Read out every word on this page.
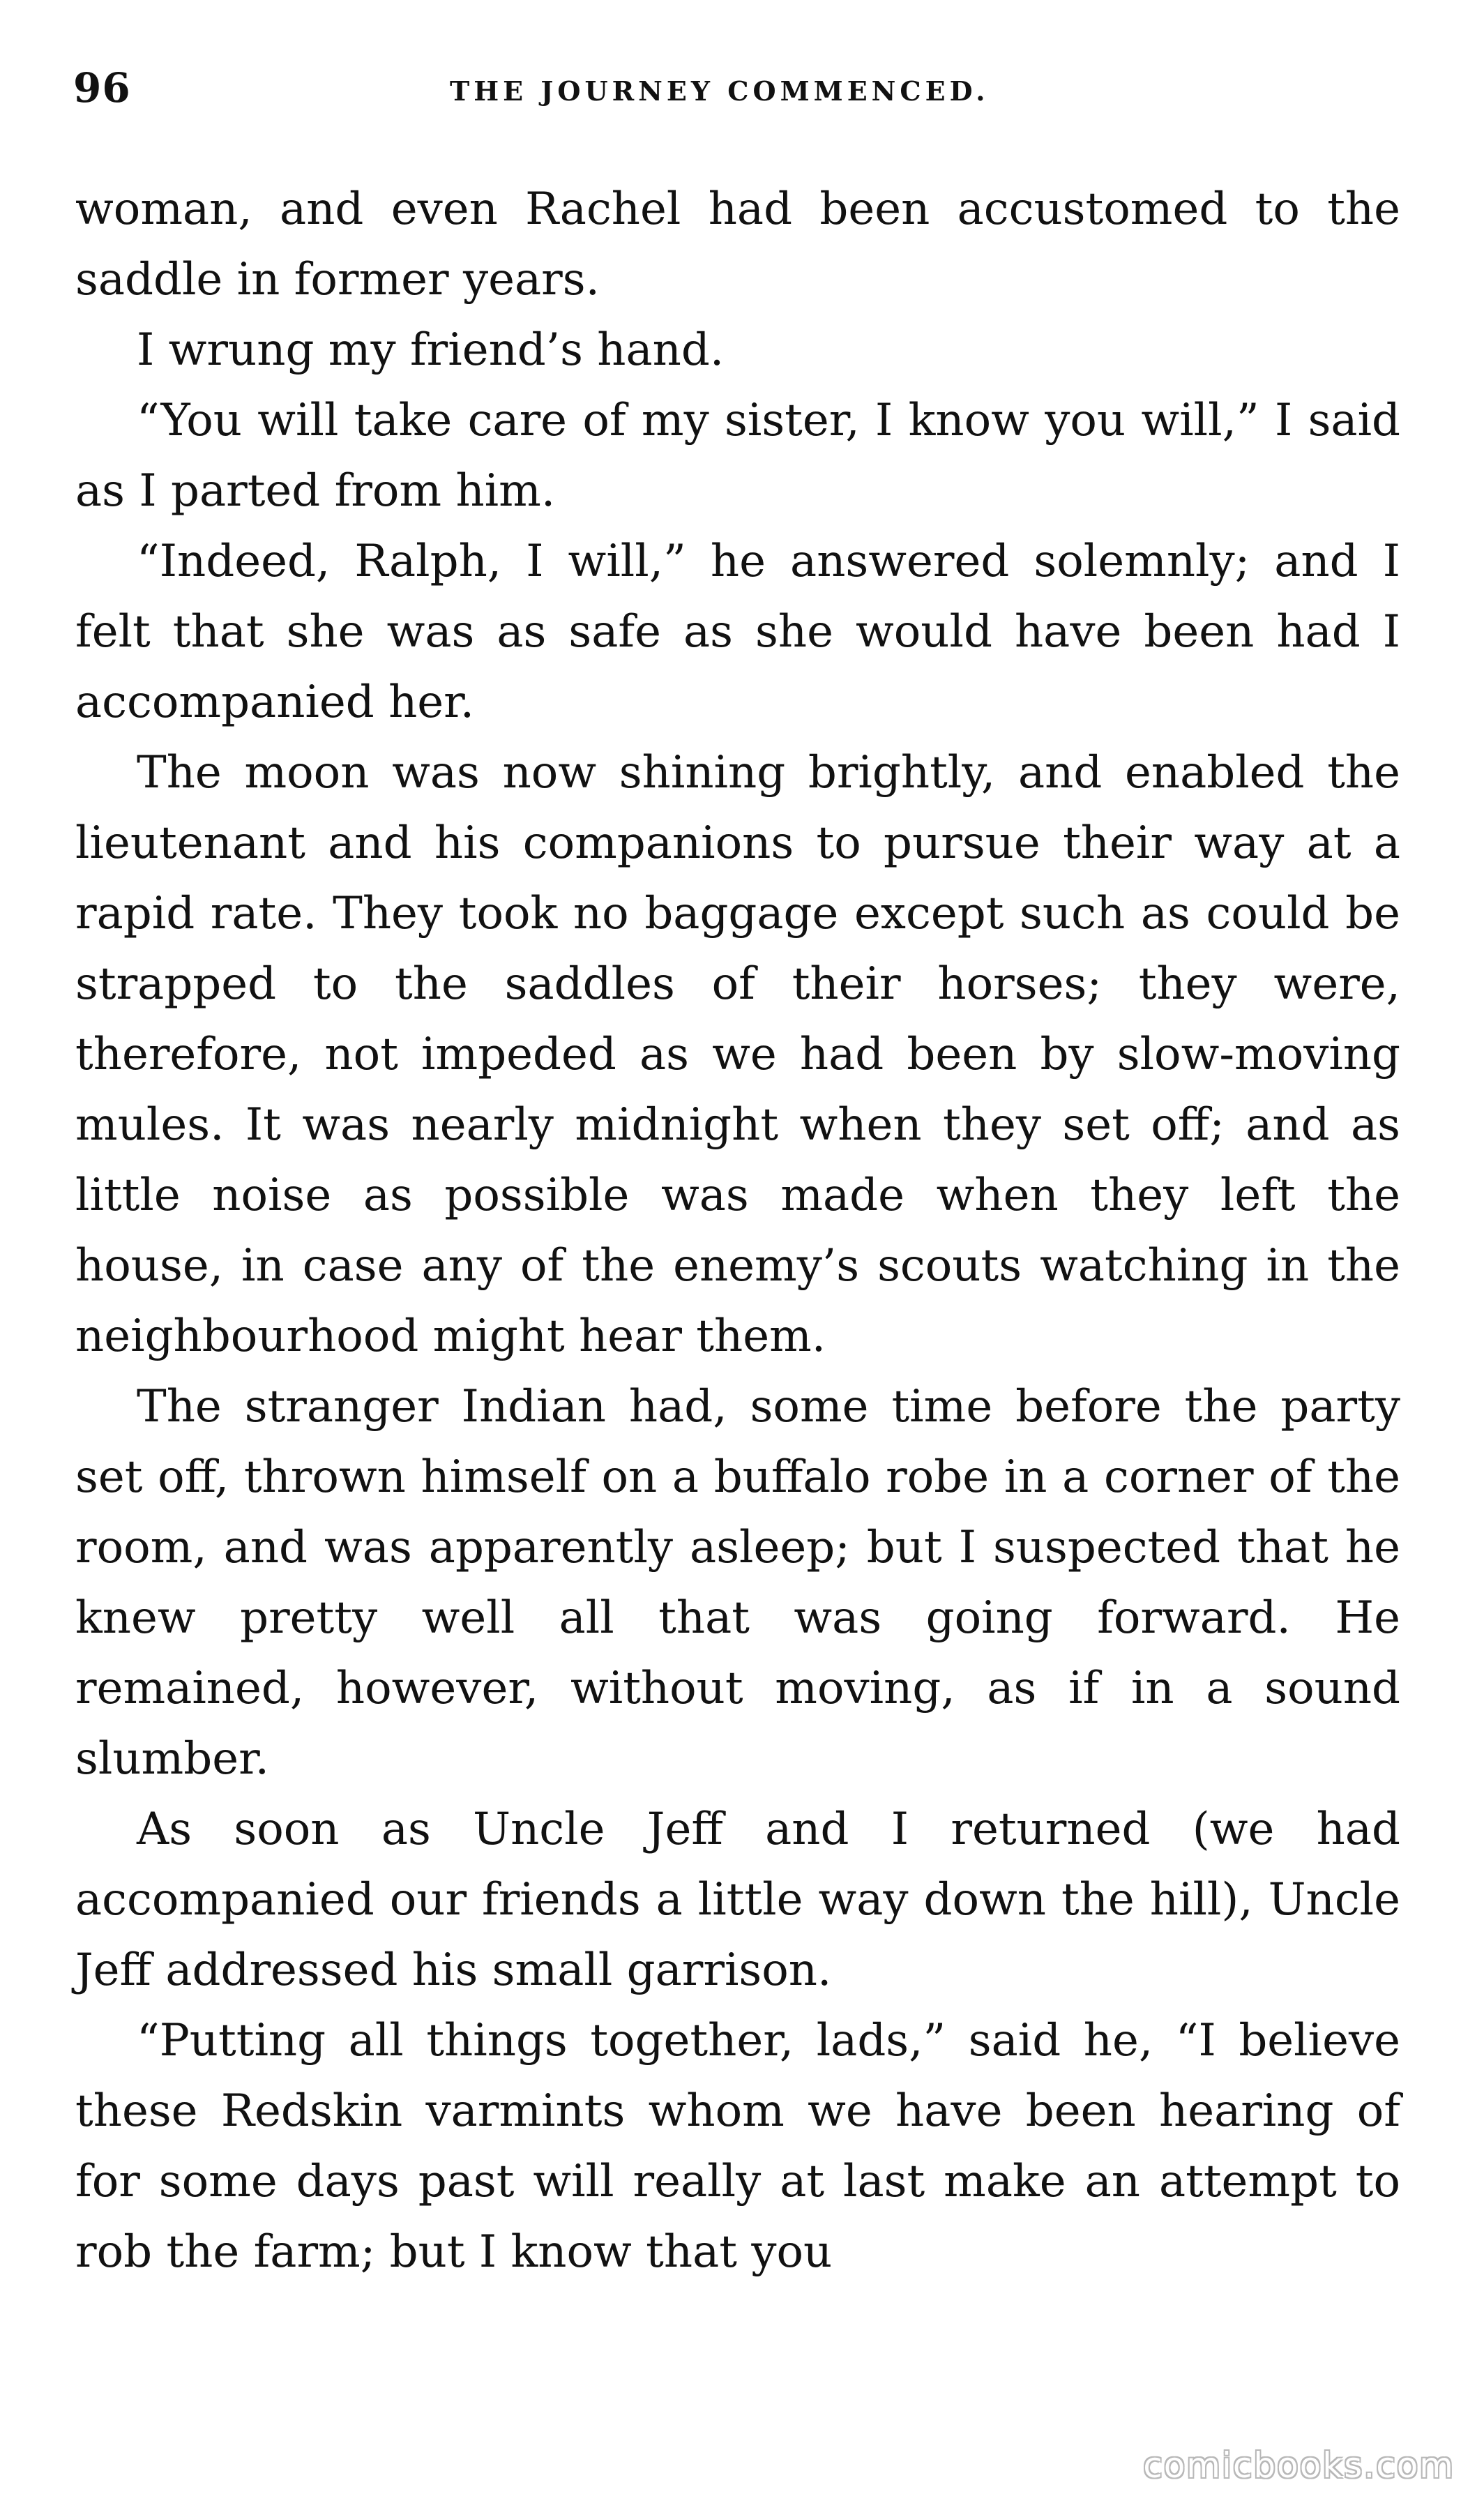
96	THE JOURNEY COMMENCED.

woman, and even Rachel had been accustomed to the saddle in former years.

I wrung my friend’s hand.

“You will take care of my sister, I know you will,” I said as I parted from him.

“Indeed, Ralph, I will,” he answered solemnly; and I felt that she was as safe as she would have been had I accompanied her.

The moon was now shining brightly, and enabled the lieutenant and his companions to pursue their way at a rapid rate. They took no baggage except such as could be strapped to the saddles of their horses; they were, therefore, not impeded as we had been by slow-moving mules. It was nearly midnight when they set off; and as little noise as possible was made when they left the house, in case any of the enemy’s scouts watching in the neighbourhood might hear them.

The stranger Indian had, some time before the party set off, thrown himself on a buffalo robe in a corner of the room, and was apparently asleep; but I suspected that he knew pretty well all that was going forward. He remained, however, without moving, as if in a sound slumber.

As soon as Uncle Jeff and I returned (we had accompanied our friends a little way down the hill), Uncle Jeff addressed his small garrison.

“Putting all things together, lads,” said he, “I believe these Redskin varmints whom we have been hearing of for some days past will really at last make an attempt to rob the farm; but I know that you

comicbooks.com
